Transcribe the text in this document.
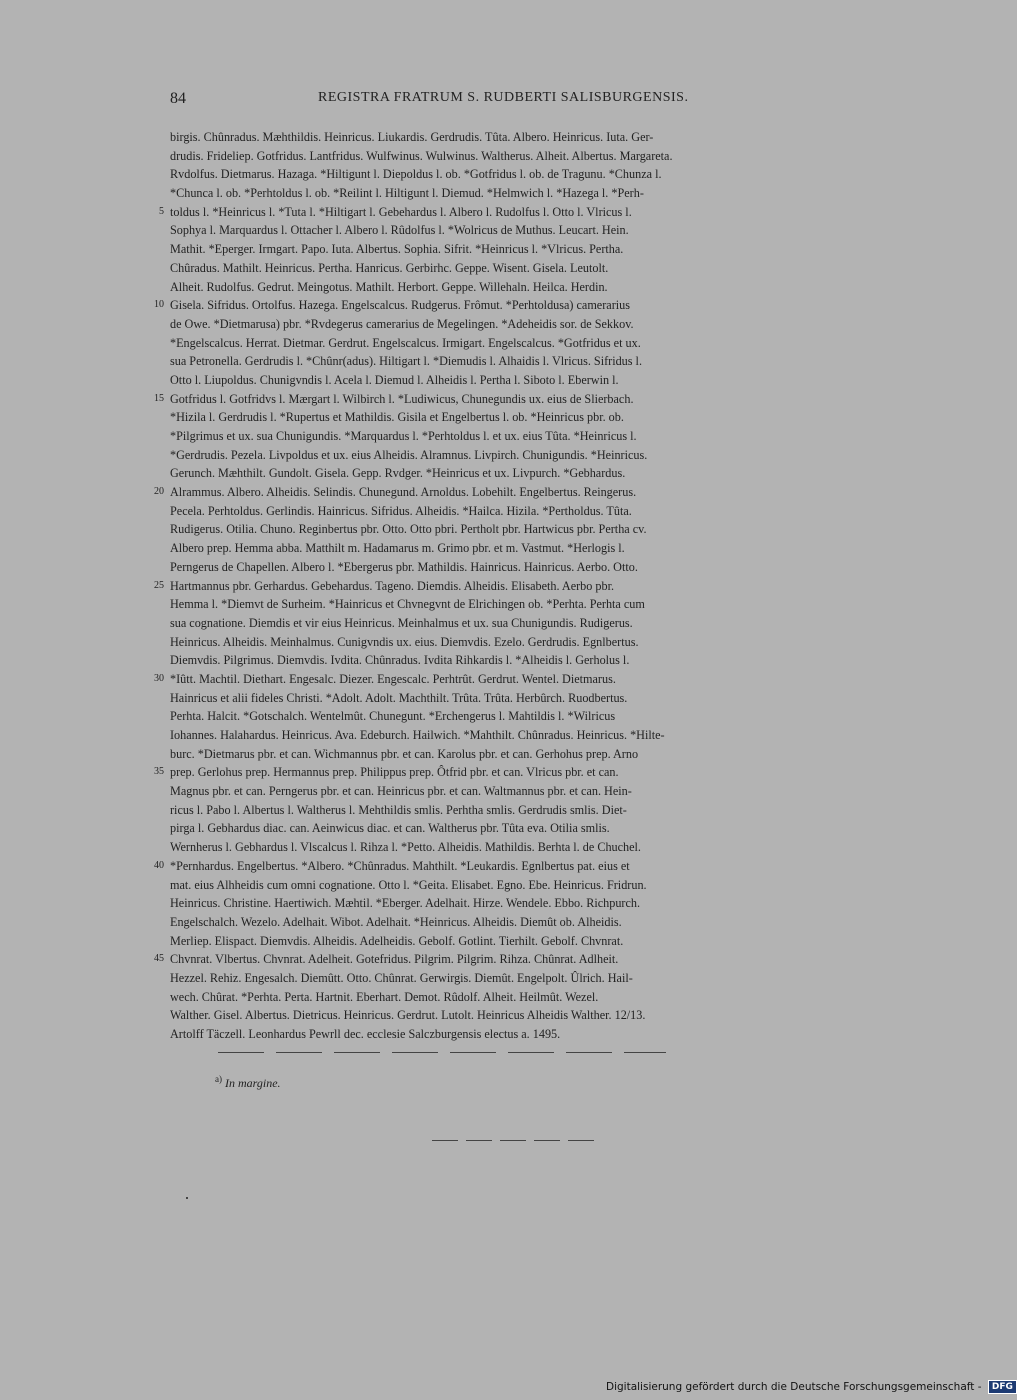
84	REGISTRA FRATRUM S. RUDBERTI SALISBURGENSIS.
birgis. Chûnradus. Mæhthildis. Heinricus. Liukardis. Gerdrudis. Tûta. Albero. Heinricus. Iuta. Ger-
drudis. Frideliep. Gotfridus. Lantfridus. Wulfwinus. Wulwinus. Waltherus. Alheit. Albertus. Margareta.
Rvdolfus. Dietmarus. Hazaga. *Hiltigunt l. Diepoldus l. ob. *Gotfridus l. ob. de Tragunu. *Chunza l.
*Chunca l. ob. *Perhtoldus l. ob. *Reilint l. Hiltigunt l. Diemud. *Helmwich l. *Hazega l. *Perh-
5 toldus l. *Heinricus l. *Tuta l. *Hiltigart l. Gebehardus l. Albero l. Rudolfus l. Otto l. Vlricus l.
Sophya l. Marquardus l. Ottacher l. Albero l. Rûdolfus l. *Wolricus de Muthus. Leucart. Hein.
Mathit. *Eperger. Irmgart. Papo. Iuta. Albertus. Sophia. Sifrit. *Heinricus l. *Vlricus. Pertha.
Chûradus. Mathilt. Heinricus. Pertha. Hanricus. Gerbirhc. Geppe. Wisent. Gisela. Leutolt.
Alheit. Rudolfus. Gedrut. Meingotus. Mathilt. Herbort. Geppe. Willehaln. Heilca. Herdin.
10 Gisela. Sifridus. Ortolfus. Hazega. Engelscalcus. Rudgerus. Frômut. *Perhtoldusa) camerarius
de Owe. *Dietmarusa) pbr. *Rvdegerus camerarius de Megelingen. *Adeheidis sor. de Sekkov.
*Engelscalcus. Herrat. Dietmar. Gerdrut. Engelscalcus. Irmigart. Engelscalcus. *Gotfridus et ux.
sua Petronella. Gerdrudis l. *Chûnr(adus). Hiltigart l. *Diemudis l. Alhaidis l. Vlricus. Sifridus l.
Otto l. Liupoldus. Chunigvndis l. Acela l. Diemud l. Alheidis l. Pertha l. Siboto l. Eberwin l.
15 Gotfridus l. Gotfridvs l. Mærgart l. Wilbirch l. *Ludiwicus, Chunegundis ux. eius de Slierbach.
*Hizila l. Gerdrudis l. *Rupertus et Mathildis. Gisila et Engelbertus l. ob. *Heinricus pbr. ob.
*Pilgrimus et ux. sua Chunigundis. *Marquardus l. *Perhtoldus l. et ux. eius Tûta. *Heinricus l.
*Gerdrudis. Pezela. Livpoldus et ux. eius Alheidis. Alramnus. Livpirch. Chunigundis. *Heinricus.
Gerunch. Mæhthilt. Gundolt. Gisela. Gepp. Rvdger. *Heinricus et ux. Livpurch. *Gebhardus.
20 Alrammus. Albero. Alheidis. Selindis. Chunegund. Arnoldus. Lobehilt. Engelbertus. Reingerus.
Pecela. Perhtoldus. Gerlindis. Hainricus. Sifridus. Alheidis. *Hailca. Hizila. *Pertholdus. Tûta.
Rudigerus. Otilia. Chuno. Reginbertus pbr. Otto. Otto pbri. Pertholt pbr. Hartwicus pbr. Pertha cv.
Albero prep. Hemma abba. Matthilt m. Hadamarus m. Grimo pbr. et m. Vastmut. *Herlogis l.
Perngerus de Chapellen. Albero l. *Ebergerus pbr. Mathildis. Hainricus. Hainricus. Aerbo. Otto.
25 Hartmannus pbr. Gerhardus. Gebehardus. Tageno. Diemdis. Alheidis. Elisabeth. Aerbo pbr.
Hemma l. *Diemvt de Surheim. *Hainricus et Chvnegvnt de Elrichingen ob. *Perhta. Perhta cum
sua cognatione. Diemdis et vir eius Heinricus. Meinhalmus et ux. sua Chunigundis. Rudigerus.
Heinricus. Alheidis. Meinhalmus. Cunigvndis ux. eius. Diemvdis. Ezelo. Gerdrudis. Egnlbertus.
Diemvdis. Pilgrimus. Diemvdis. Ivdita. Chûnradus. Ivdita Rihkardis l. *Alheidis l. Gerholus l.
30 *Iûtt. Machtil. Diethart. Engesalc. Diezer. Engescalc. Perhtrût. Gerdrut. Wentel. Dietmarus.
Hainricus et alii fideles Christi. *Adolt. Adolt. Machthilt. Trûta. Trûta. Herbûrch. Ruodbertus.
Perhta. Halcit. *Gotschalch. Wentelmût. Chunegunt. *Erchengerus l. Mahtildis l. *Wilricus
Iohannes. Halahardus. Heinricus. Ava. Edeburch. Hailwich. *Mahthilt. Chûnradus. Heinricus. *Hilte-
burc. *Dietmarus pbr. et can. Wichmannus pbr. et can. Karolus pbr. et can. Gerhohus prep. Arno
35 prep. Gerlohus prep. Hermannus prep. Philippus prep. Ôtfrid pbr. et can. Vlricus pbr. et can.
Magnus pbr. et can. Perngerus pbr. et can. Heinricus pbr. et can. Waltmannus pbr. et can. Hein-
ricus l. Pabo l. Albertus l. Waltherus l. Mehthildis smlis. Perhtha smlis. Gerdrudis smlis. Diet-
pirga l. Gebhardus diac. can. Aeinwicus diac. et can. Waltherus pbr. Tûta eva. Otilia smlis.
Wernherus l. Gebhardus l. Vlscalcus l. Rihza l. *Petto. Alheidis. Mathildis. Berhta l. de Chuchel.
40 *Pernhardus. Engelbertus. *Albero. *Chûnradus. Mahthilt. *Leukardis. Egnlbertus pat. eius et
mat. eius Alhheidis cum omni cognatione. Otto l. *Geita. Elisabet. Egno. Ebe. Heinricus. Fridrun.
Heinricus. Christine. Haertiwich. Mæhtil. *Eberger. Adelhait. Hirze. Wendele. Ebbo. Richpurch.
Engelschalch. Wezelo. Adelhait. Wibot. Adelhait. *Heinricus. Alheidis. Diemût ob. Alheidis.
Merliep. Elispact. Diemvdis. Alheidis. Adelheidis. Gebolf. Gotlint. Tierhilt. Gebolf. Chvnrat.
45 Chvnrat. Vlbertus. Chvnrat. Adelheit. Gotefridus. Pilgrim. Pilgrim. Rihza. Chûnrat. Adlheit.
Hezzel. Rehiz. Engesalch. Diemûtt. Otto. Chûnrat. Gerwirgis. Diemût. Engelpolt. Ûlrich. Hail-
wech. Chûrat. *Perhta. Perta. Hartnit. Eberhart. Demot. Rûdolf. Alheit. Heilmût. Wezel.
Walther. Gisel. Albertus. Dietricus. Heinricus. Gerdrut. Lutolt. Heinricus Alheidis Walther. 12/13.
Artolff Täczell. Leonhardus Pewrll dec. ecclesie Salczburgensis electus a. 1495.
$^{a)}$ In margine.
Digitalisierung gefördert durch die Deutsche Forschungsgemeinschaft - DFG
